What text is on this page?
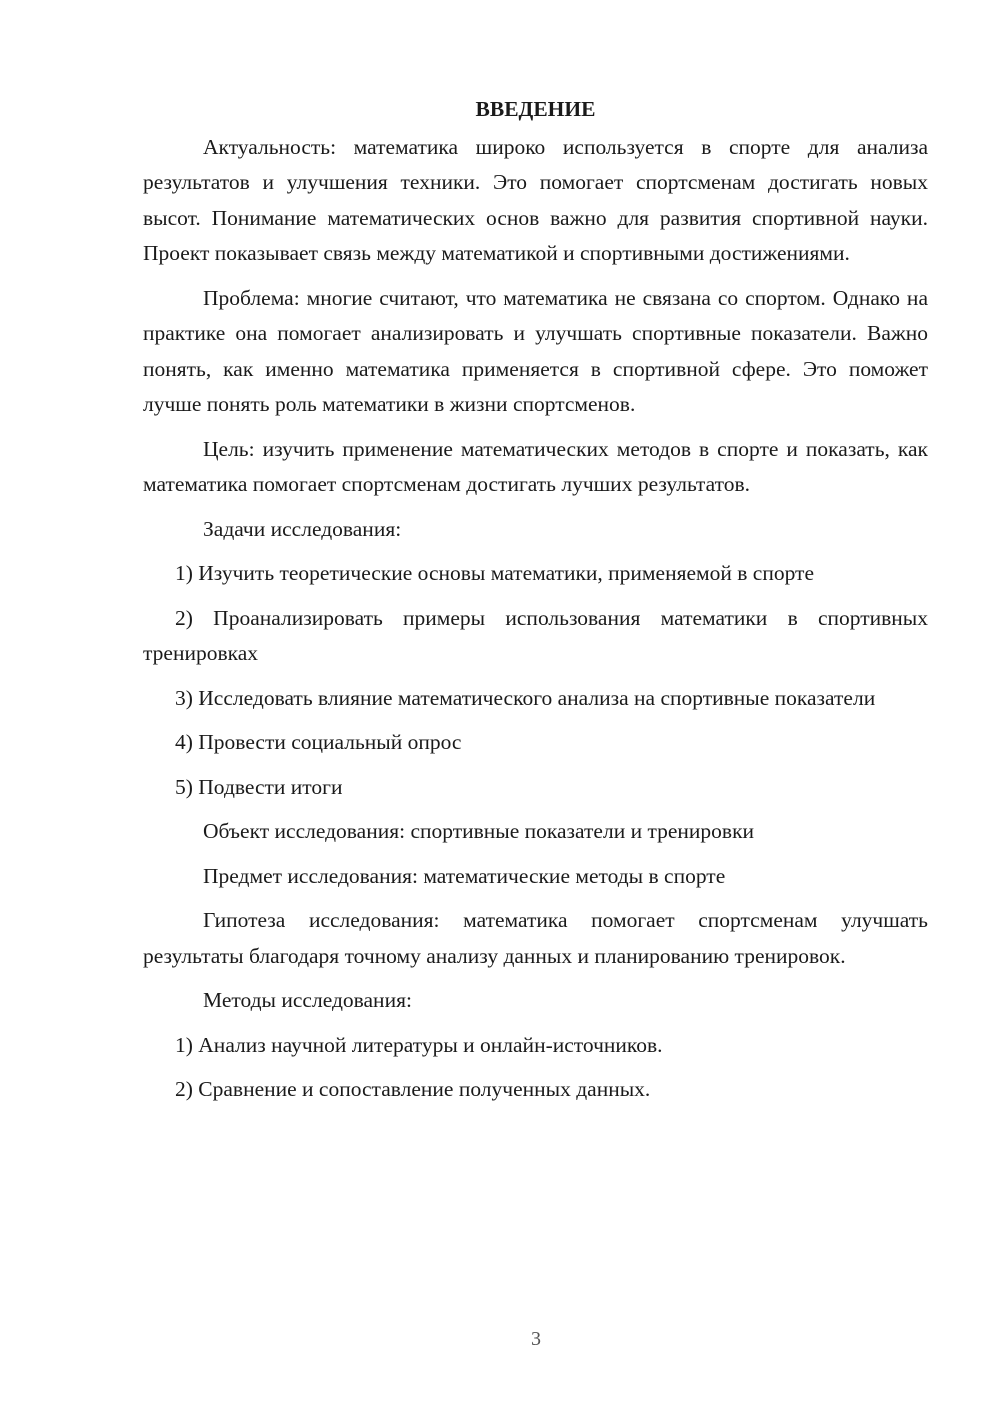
ВВЕДЕНИЕ

Актуальность: математика широко используется в спорте для анализа результатов и улучшения техники. Это помогает спортсменам достигать новых высот. Понимание математических основ важно для развития спортивной науки. Проект показывает связь между математикой и спортивными достижениями.

Проблема: многие считают, что математика не связана со спортом. Однако на практике она помогает анализировать и улучшать спортивные показатели. Важно понять, как именно математика применяется в спортивной сфере. Это поможет лучше понять роль математики в жизни спортсменов.

Цель: изучить применение математических методов в спорте и показать, как математика помогает спортсменам достигать лучших результатов.

Задачи исследования:

1) Изучить теоретические основы математики, применяемой в спорте

2) Проанализировать примеры использования математики в спортивных тренировках

3) Исследовать влияние математического анализа на спортивные показатели

4) Провести социальный опрос

5) Подвести итоги

Объект исследования: спортивные показатели и тренировки

Предмет исследования: математические методы в спорте

Гипотеза исследования: математика помогает спортсменам улучшать результаты благодаря точному анализу данных и планированию тренировок.

Методы исследования:

1) Анализ научной литературы и онлайн-источников.

2) Сравнение и сопоставление полученных данных.

3
